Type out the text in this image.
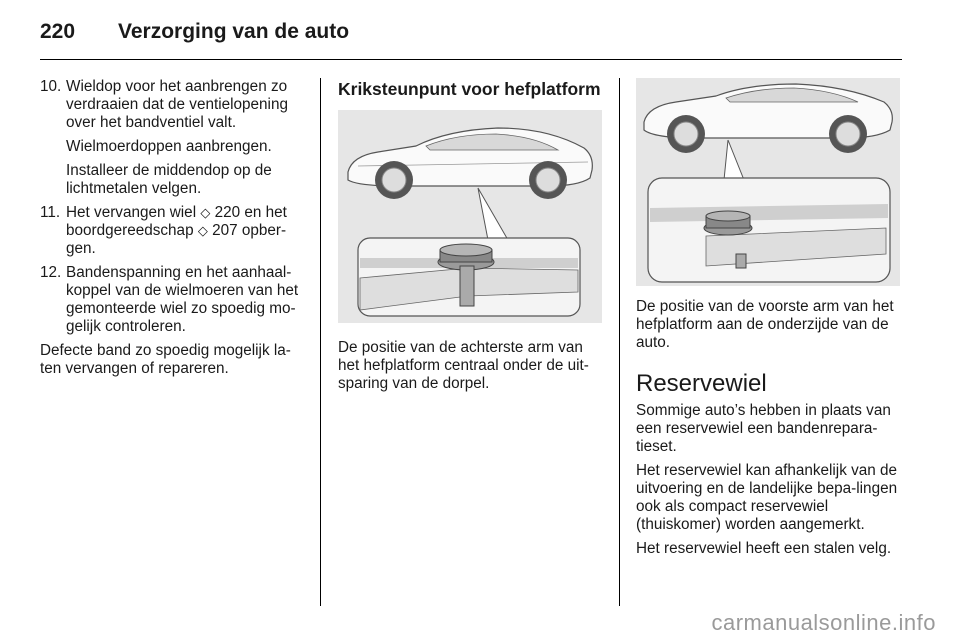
220	Verzorging van de auto
10. Wieldop voor het aanbrengen zo verdraaien dat de ventielopening over het bandventiel valt.

Wielmoerdoppen aanbrengen.

Installeer de middendop op de lichtmetalen velgen.

11. Het vervangen wiel ◇ 220 en het boordgereedschap ◇ 207 opber-gen.
12. Bandenspanning en het aanhaal-koppel van de wielmoeren van het gemonteerde wiel zo spoedig mo-gelijk controleren.

Defecte band zo spoedig mogelijk la-ten vervangen of repareren.

Kriksteunpunt voor hefplatform

De positie van de achterste arm van het hefplatform centraal onder de uit-sparing van de dorpel.

De positie van de voorste arm van het hefplatform aan de onderzijde van de auto.

Reservewiel

Sommige auto’s hebben in plaats van een reservewiel een bandenrepara-tieset.

Het reservewiel kan afhankelijk van de uitvoering en de landelijke bepa-lingen ook als compact reservewiel (thuiskomer) worden aangemerkt.

Het reservewiel heeft een stalen velg.

carmanualsonline.info
